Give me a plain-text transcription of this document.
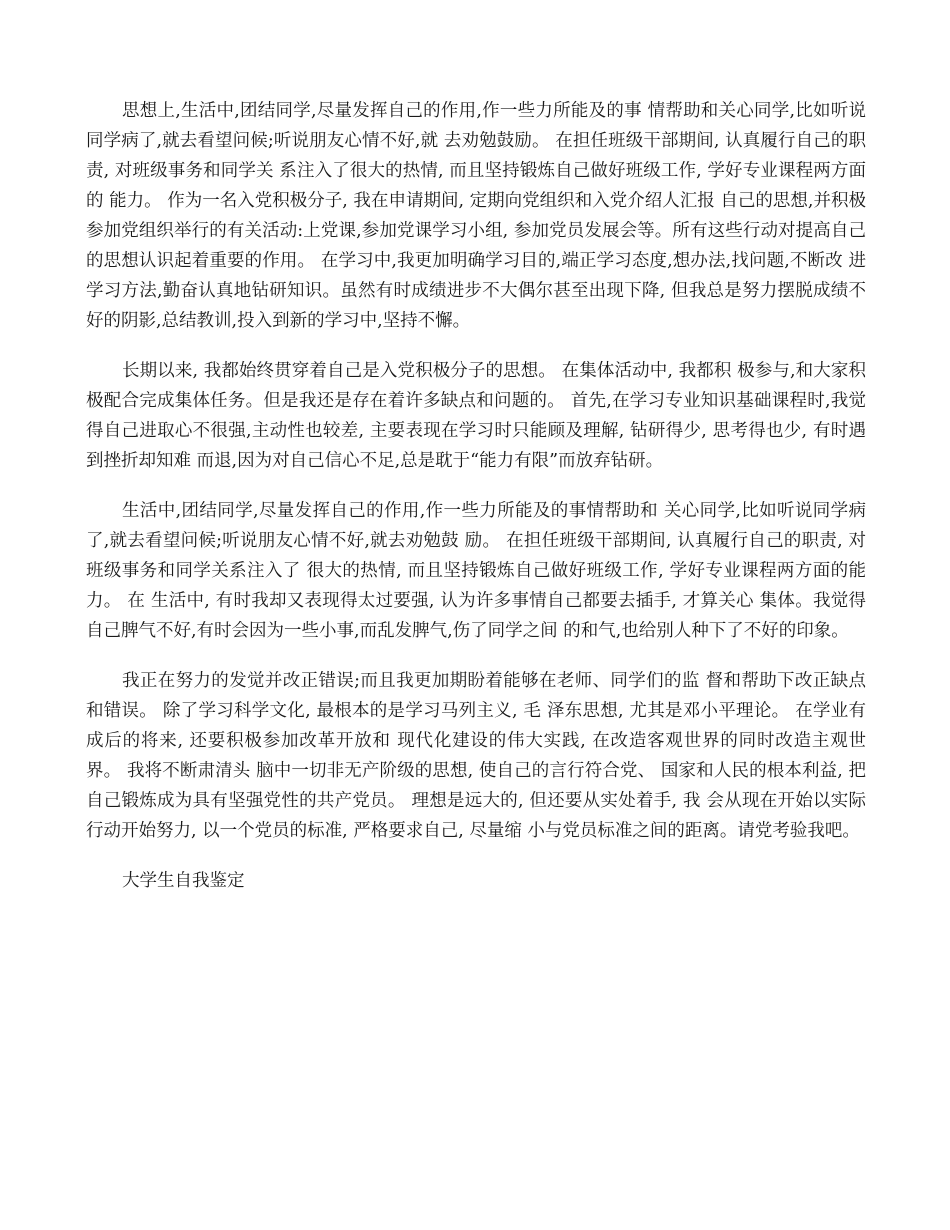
思想上,生活中,团结同学,尽量发挥自己的作用,作一些力所能及的事 情帮助和关心同学,比如听说同学病了,就去看望问候;听说朋友心情不好,就 去劝勉鼓励。 在担任班级干部期间, 认真履行自己的职责, 对班级事务和同学关 系注入了很大的热情, 而且坚持锻炼自己做好班级工作, 学好专业课程两方面的 能力。 作为一名入党积极分子, 我在申请期间, 定期向党组织和入党介绍人汇报 自己的思想,并积极参加党组织举行的有关活动:上党课,参加党课学习小组, 参加党员发展会等。所有这些行动对提高自己的思想认识起着重要的作用。 在学习中,我更加明确学习目的,端正学习态度,想办法,找问题,不断改 进学习方法,勤奋认真地钻研知识。虽然有时成绩进步不大偶尔甚至出现下降, 但我总是努力摆脱成绩不好的阴影,总结教训,投入到新的学习中,坚持不懈。

长期以来, 我都始终贯穿着自己是入党积极分子的思想。 在集体活动中, 我都积 极参与,和大家积极配合完成集体任务。但是我还是存在着许多缺点和问题的。 首先,在学习专业知识基础课程时,我觉得自己进取心不很强,主动性也较差, 主要表现在学习时只能顾及理解, 钻研得少, 思考得也少, 有时遇到挫折却知难 而退,因为对自己信心不足,总是耽于“能力有限”而放弃钻研。

生活中,团结同学,尽量发挥自己的作用,作一些力所能及的事情帮助和 关心同学,比如听说同学病了,就去看望问候;听说朋友心情不好,就去劝勉鼓 励。 在担任班级干部期间, 认真履行自己的职责, 对班级事务和同学关系注入了 很大的热情, 而且坚持锻炼自己做好班级工作, 学好专业课程两方面的能力。 在 生活中, 有时我却又表现得太过要强, 认为许多事情自己都要去插手, 才算关心 集体。我觉得自己脾气不好,有时会因为一些小事,而乱发脾气,伤了同学之间 的和气,也给别人种下了不好的印象。

我正在努力的发觉并改正错误;而且我更加期盼着能够在老师、同学们的监 督和帮助下改正缺点和错误。 除了学习科学文化, 最根本的是学习马列主义, 毛 泽东思想, 尤其是邓小平理论。 在学业有成后的将来, 还要积极参加改革开放和 现代化建设的伟大实践, 在改造客观世界的同时改造主观世界。 我将不断肃清头 脑中一切非无产阶级的思想, 使自己的言行符合党、 国家和人民的根本利益, 把 自己锻炼成为具有坚强党性的共产党员。 理想是远大的, 但还要从实处着手, 我 会从现在开始以实际行动开始努力, 以一个党员的标准, 严格要求自己, 尽量缩 小与党员标准之间的距离。请党考验我吧。

大学生自我鉴定
